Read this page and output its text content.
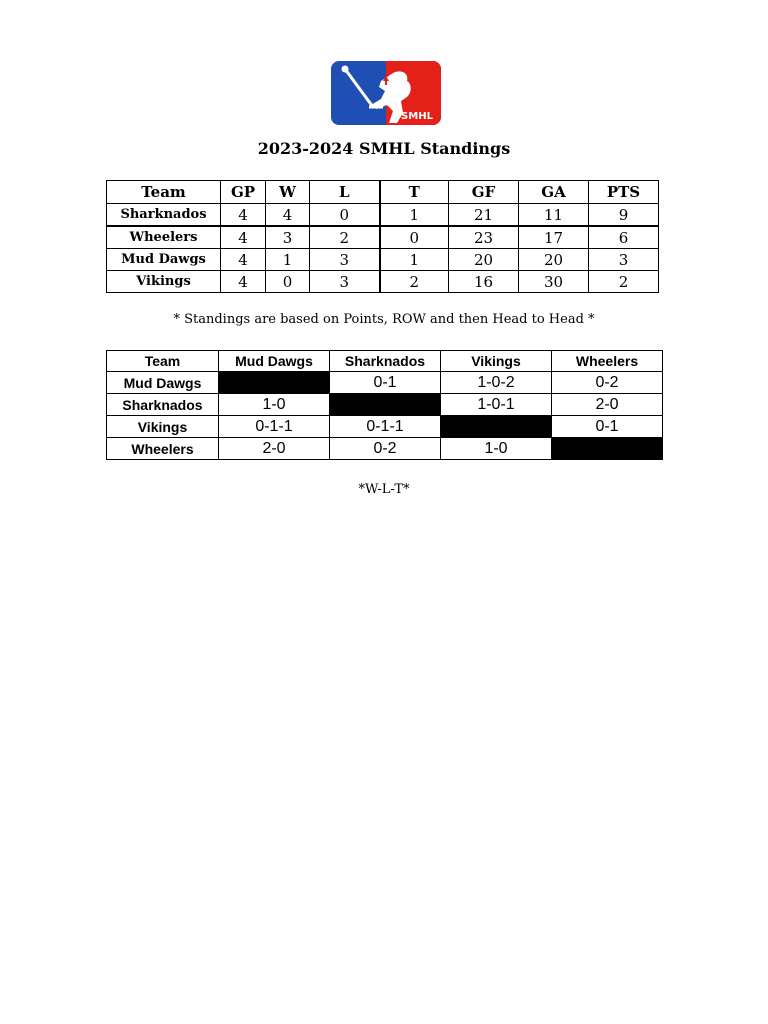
SMHL
2023-2024 SMHL Standings
Team	GP	W	L	T	GF	GA	PTS
Sharknados	4	4	0	1	21	11	9
Wheelers	4	3	2	0	23	17	6
Mud Dawgs	4	1	3	1	20	20	3
Vikings	4	0	3	2	16	30	2
* Standings are based on Points, ROW and then Head to Head *
Team	Mud Dawgs	Sharknados	Vikings	Wheelers
Mud Dawgs		0-1	1-0-2	0-2
Sharknados	1-0		1-0-1	2-0
Vikings	0-1-1	0-1-1		0-1
Wheelers	2-0	0-2	1-0	
*W-L-T*
